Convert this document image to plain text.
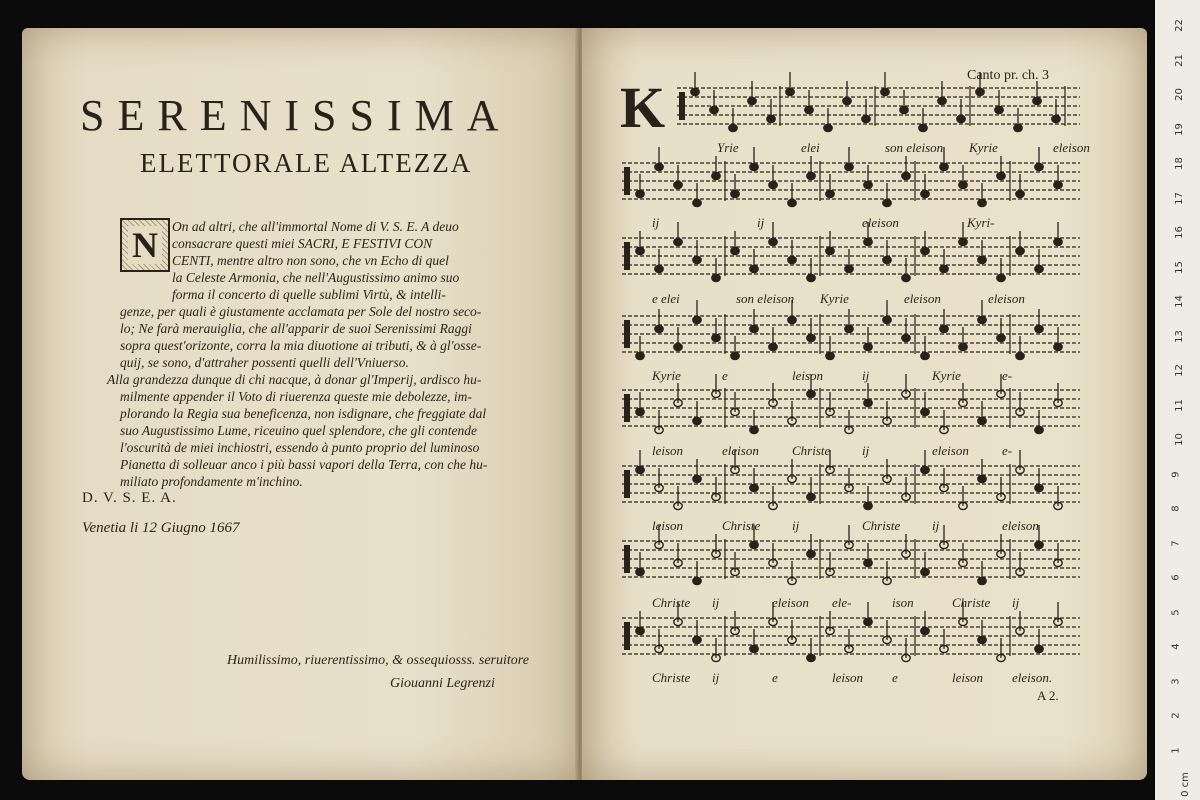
SERENISSIMA
ELETTORALE ALTEZZA
N On ad altri, che all'immortal Nome di V. S. E. A deuo
consacrare questi miei SACRI, E FESTIVI CON
CENTI, mentre altro non sono, che vn Echo di quel
la Celeste Armonia, che nell'Augustissimo animo suo
forma il concerto di quelle sublimi Virtù, & intelli-
genze, per quali è giustamente acclamata per Sole del nostro seco-
lo; Ne farà merauiglia, che all'apparir de suoi Serenissimi Raggi
sopra quest'orizonte, corra la mia diuotione ai tributi, & à gl'osse-
quij, se sono, d'attraher possenti quelli dell'Vniuerso.
Alla grandezza dunque di chi nacque, à donar gl'Imperij, ardisco hu-
milmente appender il Voto di riuerenza queste mie debolezze, im-
plorando la Regia sua beneficenza, non isdignare, che freggiate dal
suo Augustissimo Lume, riceuino quel splendore, che gli contende
l'oscurità de miei inchiostri, essendo à punto proprio del luminoso
Pianetta di solleuar anco i più bassi vapori della Terra, con che hu-
miliato profondamente m'inchino.
D. V. S. E. A.
Venetia li 12 Giugno 1667
Humilissimo, riuerentissimo, & ossequiosss. seruitore
Giouanni Legrenzi
Canto pr. ch. 3
K
Yrie	elei	son eleison Kyrie	eleison
ij	ij	eleison	Kyri-
e elei	son eleison Kyrie	eleison	eleison
Kyrie	e	leison	ij	Kyrie	e-
leison	eleison	Christe ij	eleison	e-
leison	Christe ij	Christe ij	eleison
Christe ij	eleison ele-	ison	Christe ij
Christe ij	e	leison e	leison eleison.
A 2.
22
21
20
19
18
17
16
15
14
13
12
11
10
9
8
7
6
5
4
3
2
1
0 cm
